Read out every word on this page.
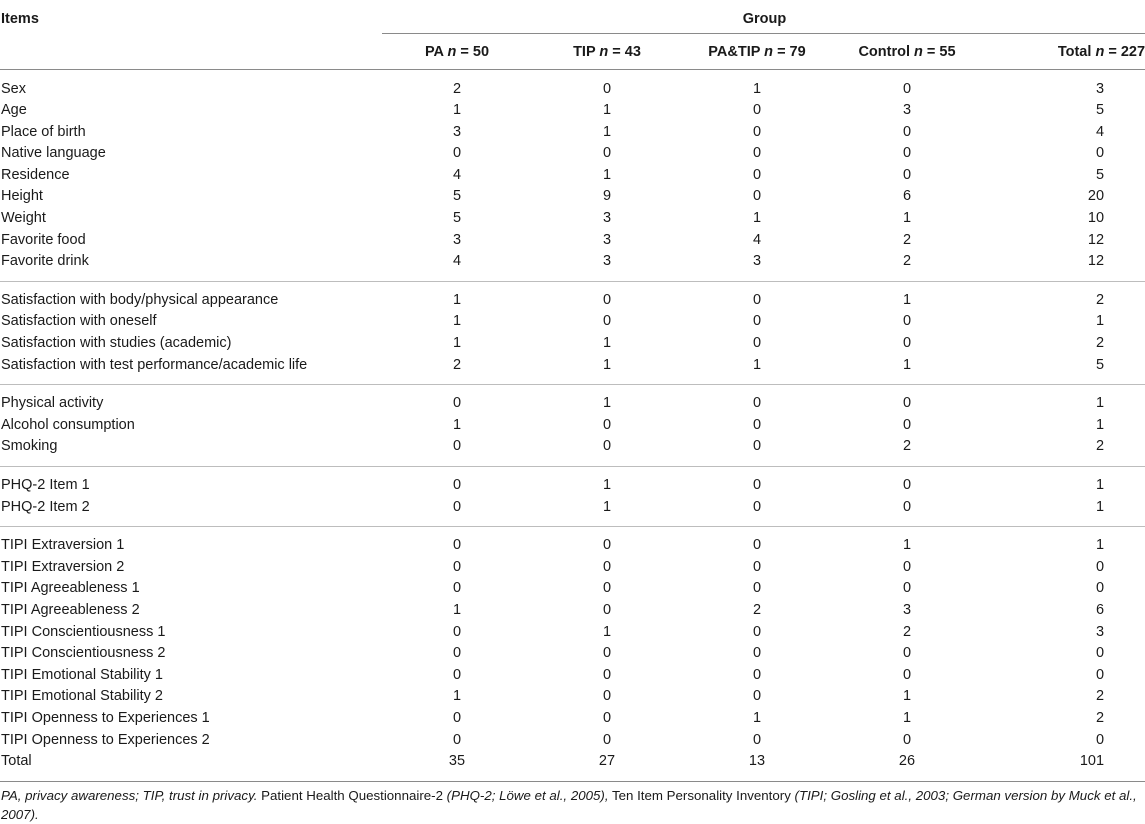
Items	Group				
	PA n = 50	TIP n = 43	PA&TIP n = 79	Control n = 55	Total n = 227
Sex	2	0	1	0	3
Age	1	1	0	3	5
Place of birth	3	1	0	0	4
Native language	0	0	0	0	0
Residence	4	1	0	0	5
Height	5	9	0	6	20
Weight	5	3	1	1	10
Favorite food	3	3	4	2	12
Favorite drink	4	3	3	2	12
Satisfaction with body/physical appearance	1	0	0	1	2
Satisfaction with oneself	1	0	0	0	1
Satisfaction with studies (academic)	1	1	0	0	2
Satisfaction with test performance/academic life	2	1	1	1	5
Physical activity	0	1	0	0	1
Alcohol consumption	1	0	0	0	1
Smoking	0	0	0	2	2
PHQ-2 Item 1	0	1	0	0	1
PHQ-2 Item 2	0	1	0	0	1
TIPI Extraversion 1	0	0	0	1	1
TIPI Extraversion 2	0	0	0	0	0
TIPI Agreeableness 1	0	0	0	0	0
TIPI Agreeableness 2	1	0	2	3	6
TIPI Conscientiousness 1	0	1	0	2	3
TIPI Conscientiousness 2	0	0	0	0	0
TIPI Emotional Stability 1	0	0	0	0	0
TIPI Emotional Stability 2	1	0	0	1	2
TIPI Openness to Experiences 1	0	0	1	1	2
TIPI Openness to Experiences 2	0	0	0	0	0
Total	35	27	13	26	101
PA, privacy awareness; TIP, trust in privacy. Patient Health Questionnaire-2 (PHQ-2; Löwe et al., 2005), Ten Item Personality Inventory (TIPI; Gosling et al., 2003; German version by Muck et al., 2007).
